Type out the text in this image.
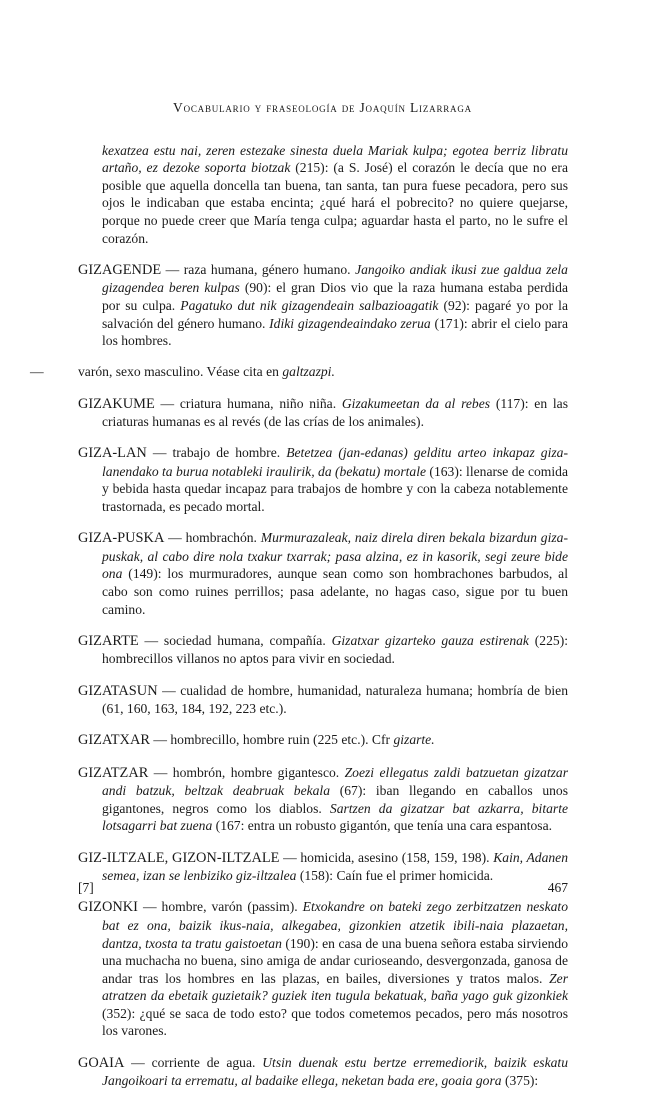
Vocabulario y fraseología de Joaquín Lizarraga

kexatzea estu nai, zeren estezake sinesta duela Mariak kulpa; egotea berriz libratu artaño, ez dezoke soporta biotzak (215): (a S. José) el corazón le decía que no era posible que aquella doncella tan buena, tan santa, tan pura fuese pecadora, pero sus ojos le indicaban que estaba encinta; ¿qué hará el pobrecito? no quiere quejarse, porque no puede creer que María tenga culpa; aguardar hasta el parto, no le sufre el corazón.

GIZAGENDE — raza humana, género humano. Jangoiko andiak ikusi zue galdua zela gizagendea beren kulpas (90): el gran Dios vio que la raza humana estaba perdida por su culpa. Pagatuko dut nik gizagendeain salbazioagatik (92): pagaré yo por la salvación del género humano. Idiki gizagendeaindako zerua (171): abrir el cielo para los hombres.

—	varón, sexo masculino. Véase cita en galtzazpi.

GIZAKUME — criatura humana, niño niña. Gizakumeetan da al rebes (117): en las criaturas humanas es al revés (de las crías de los animales).

GIZA-LAN — trabajo de hombre. Betetzea (jan-edanas) gelditu arteo inkapaz giza-lanendako ta burua notableki iraulirik, da (bekatu) mortale (163): llenarse de comida y bebida hasta quedar incapaz para trabajos de hombre y con la cabeza notablemente trastornada, es pecado mortal.

GIZA-PUSKA — hombrachón. Murmurazaleak, naiz direla diren bekala bizardun giza-puskak, al cabo dire nola txakur txarrak; pasa alzina, ez in kasorik, segi zeure bide ona (149): los murmuradores, aunque sean como son hombrachones barbudos, al cabo son como ruines perrillos; pasa adelante, no hagas caso, sigue por tu buen camino.

GIZARTE — sociedad humana, compañía. Gizatxar gizarteko gauza estirenak (225): hombrecillos villanos no aptos para vivir en sociedad.

GIZATASUN — cualidad de hombre, humanidad, naturaleza humana; hombría de bien (61, 160, 163, 184, 192, 223 etc.).

GIZATXAR — hombrecillo, hombre ruin (225 etc.). Cfr gizarte.

GIZATZAR — hombrón, hombre gigantesco. Zoezi ellegatus zaldi batzuetan gizatzar andi batzuk, beltzak deabruak bekala (67): iban llegando en caballos unos gigantones, negros como los diablos. Sartzen da gizatzar bat azkarra, bitarte lotsagarri bat zuena (167: entra un robusto gigantón, que tenía una cara espantosa.

GIZ-ILTZALE, GIZON-ILTZALE — homicida, asesino (158, 159, 198). Kain, Adanen semea, izan se lenbiziko giz-iltzalea (158): Caín fue el primer homicida.

GIZONKI — hombre, varón (passim). Etxokandre on bateki zego zerbitzatzen neskato bat ez ona, baizik ikus-naia, alkegabea, gizonkien atzetik ibili-naia plazaetan, dantza, txosta ta tratu gaistoetan (190): en casa de una buena señora estaba sirviendo una muchacha no buena, sino amiga de andar curioseando, desvergonzada, ganosa de andar tras los hombres en las plazas, en bailes, diversiones y tratos malos. Zer atratzen da ebetaik guzietaik? guziek iten tugula bekatuak, baña yago guk gizonkiek (352): ¿qué se saca de todo esto? que todos cometemos pecados, pero más nosotros los varones.

GOAIA — corriente de agua. Utsin duenak estu bertze erremediorik, baizik eskatu Jangoikoari ta errematu, al badaike ellega, neketan bada ere, goaia gora (375):

[7]	467
